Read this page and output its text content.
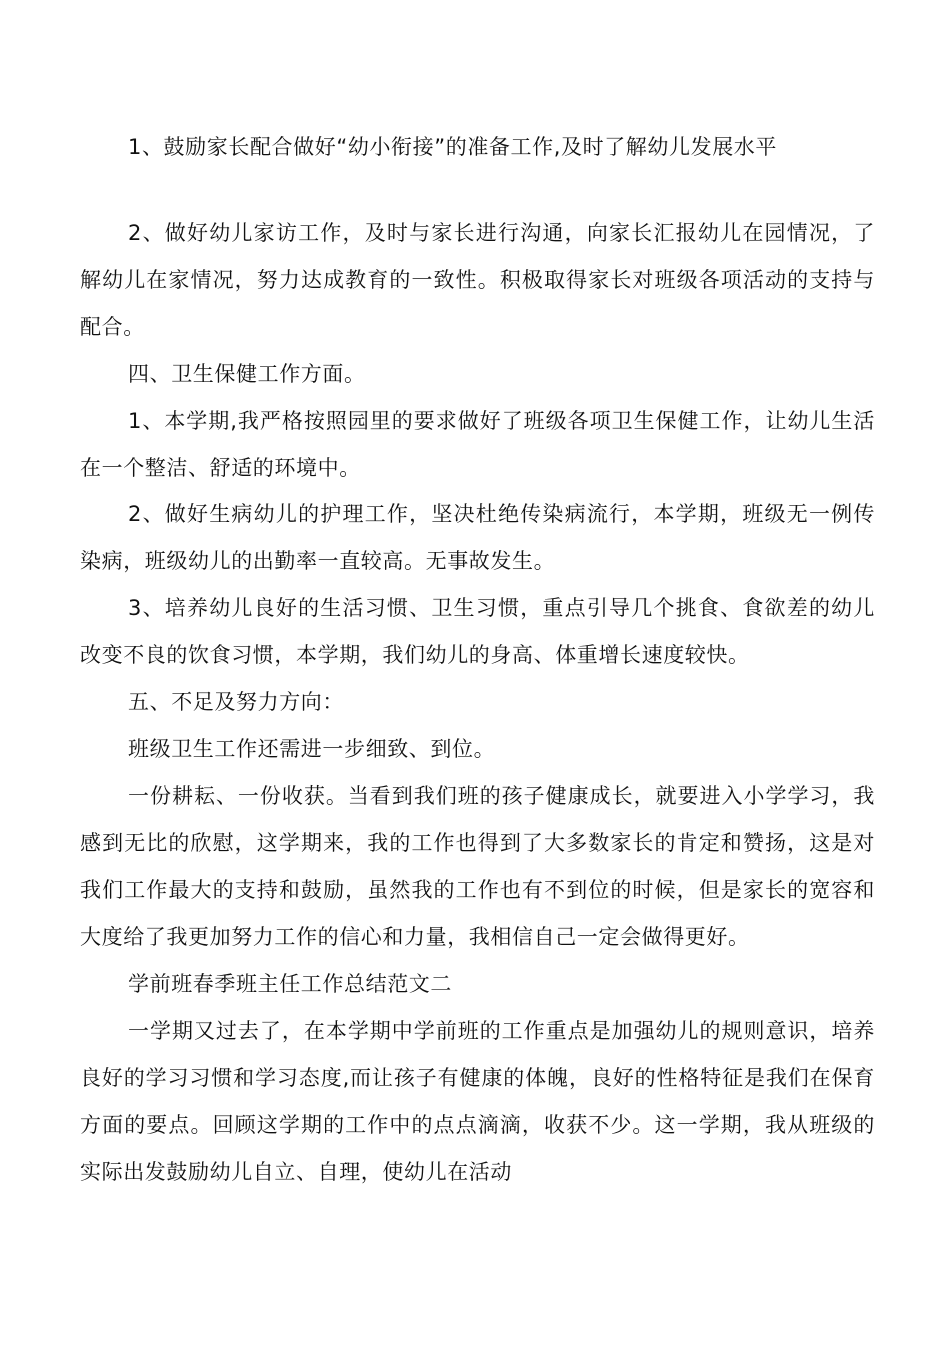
1、鼓励家长配合做好“幼小衔接”的准备工作,及时了解幼儿发展水平

2、做好幼儿家访工作，及时与家长进行沟通，向家长汇报幼儿在园情况，了解幼儿在家情况，努力达成教育的一致性。积极取得家长对班级各项活动的支持与配合。

四、卫生保健工作方面。

1、本学期,我严格按照园里的要求做好了班级各项卫生保健工作，让幼儿生活在一个整洁、舒适的环境中。

2、做好生病幼儿的护理工作，坚决杜绝传染病流行，本学期，班级无一例传染病，班级幼儿的出勤率一直较高。无事故发生。

3、培养幼儿良好的生活习惯、卫生习惯，重点引导几个挑食、食欲差的幼儿改变不良的饮食习惯，本学期，我们幼儿的身高、体重增长速度较快。

五、不足及努力方向：

班级卫生工作还需进一步细致、到位。

一份耕耘、一份收获。当看到我们班的孩子健康成长，就要进入小学学习，我感到无比的欣慰，这学期来，我的工作也得到了大多数家长的肯定和赞扬，这是对我们工作最大的支持和鼓励，虽然我的工作也有不到位的时候，但是家长的宽容和大度给了我更加努力工作的信心和力量，我相信自己一定会做得更好。

学前班春季班主任工作总结范文二

一学期又过去了，在本学期中学前班的工作重点是加强幼儿的规则意识，培养良好的学习习惯和学习态度,而让孩子有健康的体魄，良好的性格特征是我们在保育方面的要点。回顾这学期的工作中的点点滴滴，收获不少。这一学期，我从班级的实际出发鼓励幼儿自立、自理，使幼儿在活动
